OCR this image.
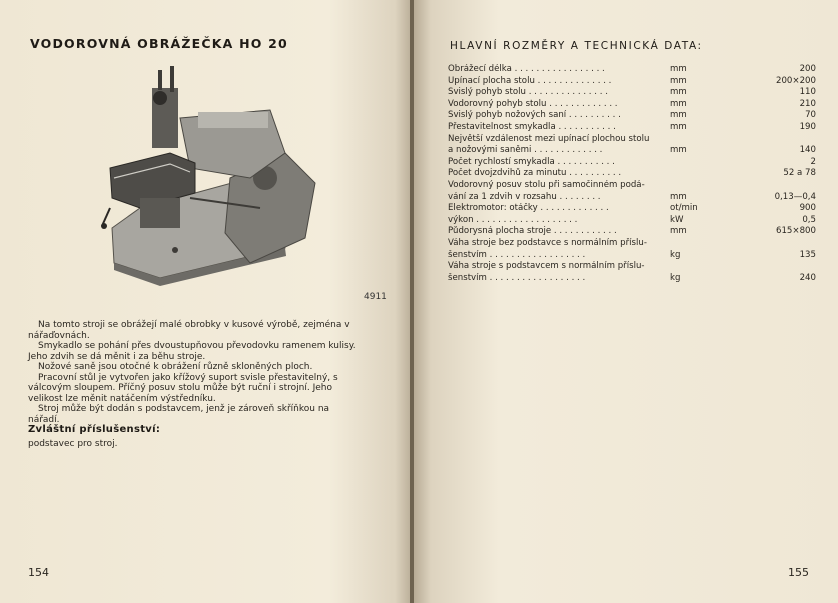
VODOROVNÁ OBRÁŽEČKA HO 20
4911

Na tomto stroji se obrážejí malé obrobky v kusové výrobě, zejména v nářaďovnách.

Smykadlo se pohání přes dvoustupňovou převodovku ramenem kulisy. Jeho zdvih se dá měnit i za běhu stroje.

Nožové saně jsou otočné k obrážení různě skloněných ploch.

Pracovní stůl je vytvořen jako křížový suport svisle přestavitelný, s válcovým sloupem. Příčný posuv stolu může být ruční i strojní. Jeho velikost lze měnit natáčením výstředníku.

Stroj může být dodán s podstavcem, jenž je zároveň skříňkou na nářadí.

Zvláštní příslušenství:
podstavec pro stroj.
154
HLAVNÍ ROZMĚRY A TECHNICKÁ DATA:
Obrážecí délka . . . . . . . . . . . . . . . . .	mm	200
Upínací plocha stolu . . . . . . . . . . . . . .	mm	200×200
Svislý pohyb stolu . . . . . . . . . . . . . . .	mm	110
Vodorovný pohyb stolu . . . . . . . . . . . . .	mm	210
Svislý pohyb nožových saní . . . . . . . . . .	mm	70
Přestavitelnost smykadla . . . . . . . . . . .	mm	190
Největší vzdálenost mezi upínací plochou stolu
a nožovými saněmi . . . . . . . . . . . . .	mm	140
Počet rychlostí smykadla . . . . . . . . . . .	2
Počet dvojzdvihů za minutu . . . . . . . . . .	52 a 78
Vodorovný posuv stolu při samočinném podá-
vání za 1 zdvih v rozsahu . . . . . . . .	mm	0,13—0,4
Elektromotor: otáčky . . . . . . . . . . . . .	ot/min	900
výkon . . . . . . . . . . . . . . . . . . .	kW	0,5
Půdorysná plocha stroje . . . . . . . . . . . .	mm	615×800
Váha stroje bez podstavce s normálním příslu-
šenstvím . . . . . . . . . . . . . . . . . .	kg	135
Váha stroje s podstavcem s normálním příslu-
šenstvím . . . . . . . . . . . . . . . . . .	kg	240
155
